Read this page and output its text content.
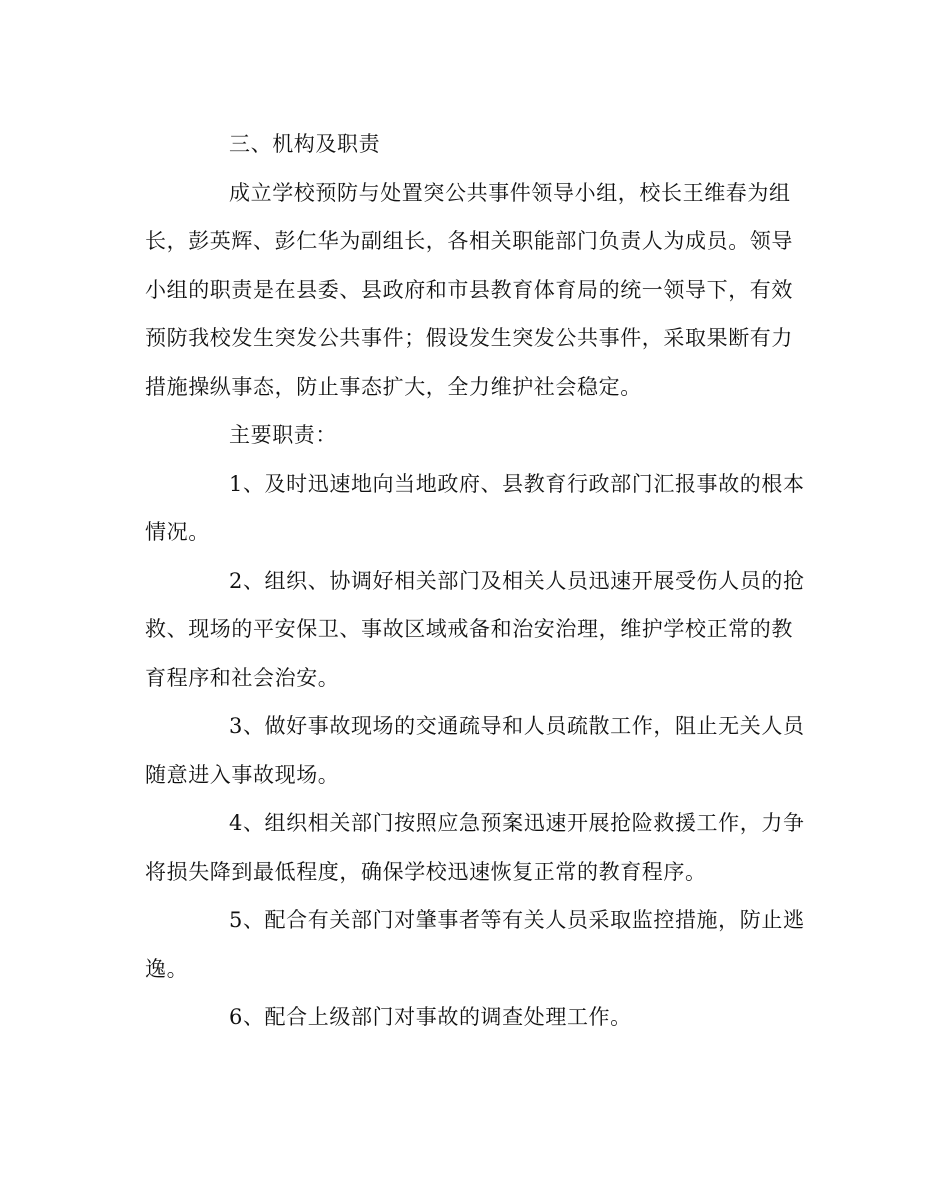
三、机构及职责

成立学校预防与处置突公共事件领导小组，校长王维春为组长，彭英辉、彭仁华为副组长，各相关职能部门负责人为成员。领导小组的职责是在县委、县政府和市县教育体育局的统一领导下，有效预防我校发生突发公共事件；假设发生突发公共事件，采取果断有力措施操纵事态，防止事态扩大，全力维护社会稳定。

主要职责：

1、及时迅速地向当地政府、县教育行政部门汇报事故的根本情况。

2、组织、协调好相关部门及相关人员迅速开展受伤人员的抢救、现场的平安保卫、事故区域戒备和治安治理，维护学校正常的教育程序和社会治安。

3、做好事故现场的交通疏导和人员疏散工作，阻止无关人员随意进入事故现场。

4、组织相关部门按照应急预案迅速开展抢险救援工作，力争将损失降到最低程度，确保学校迅速恢复正常的教育程序。

5、配合有关部门对肇事者等有关人员采取监控措施，防止逃逸。

6、配合上级部门对事故的调查处理工作。
